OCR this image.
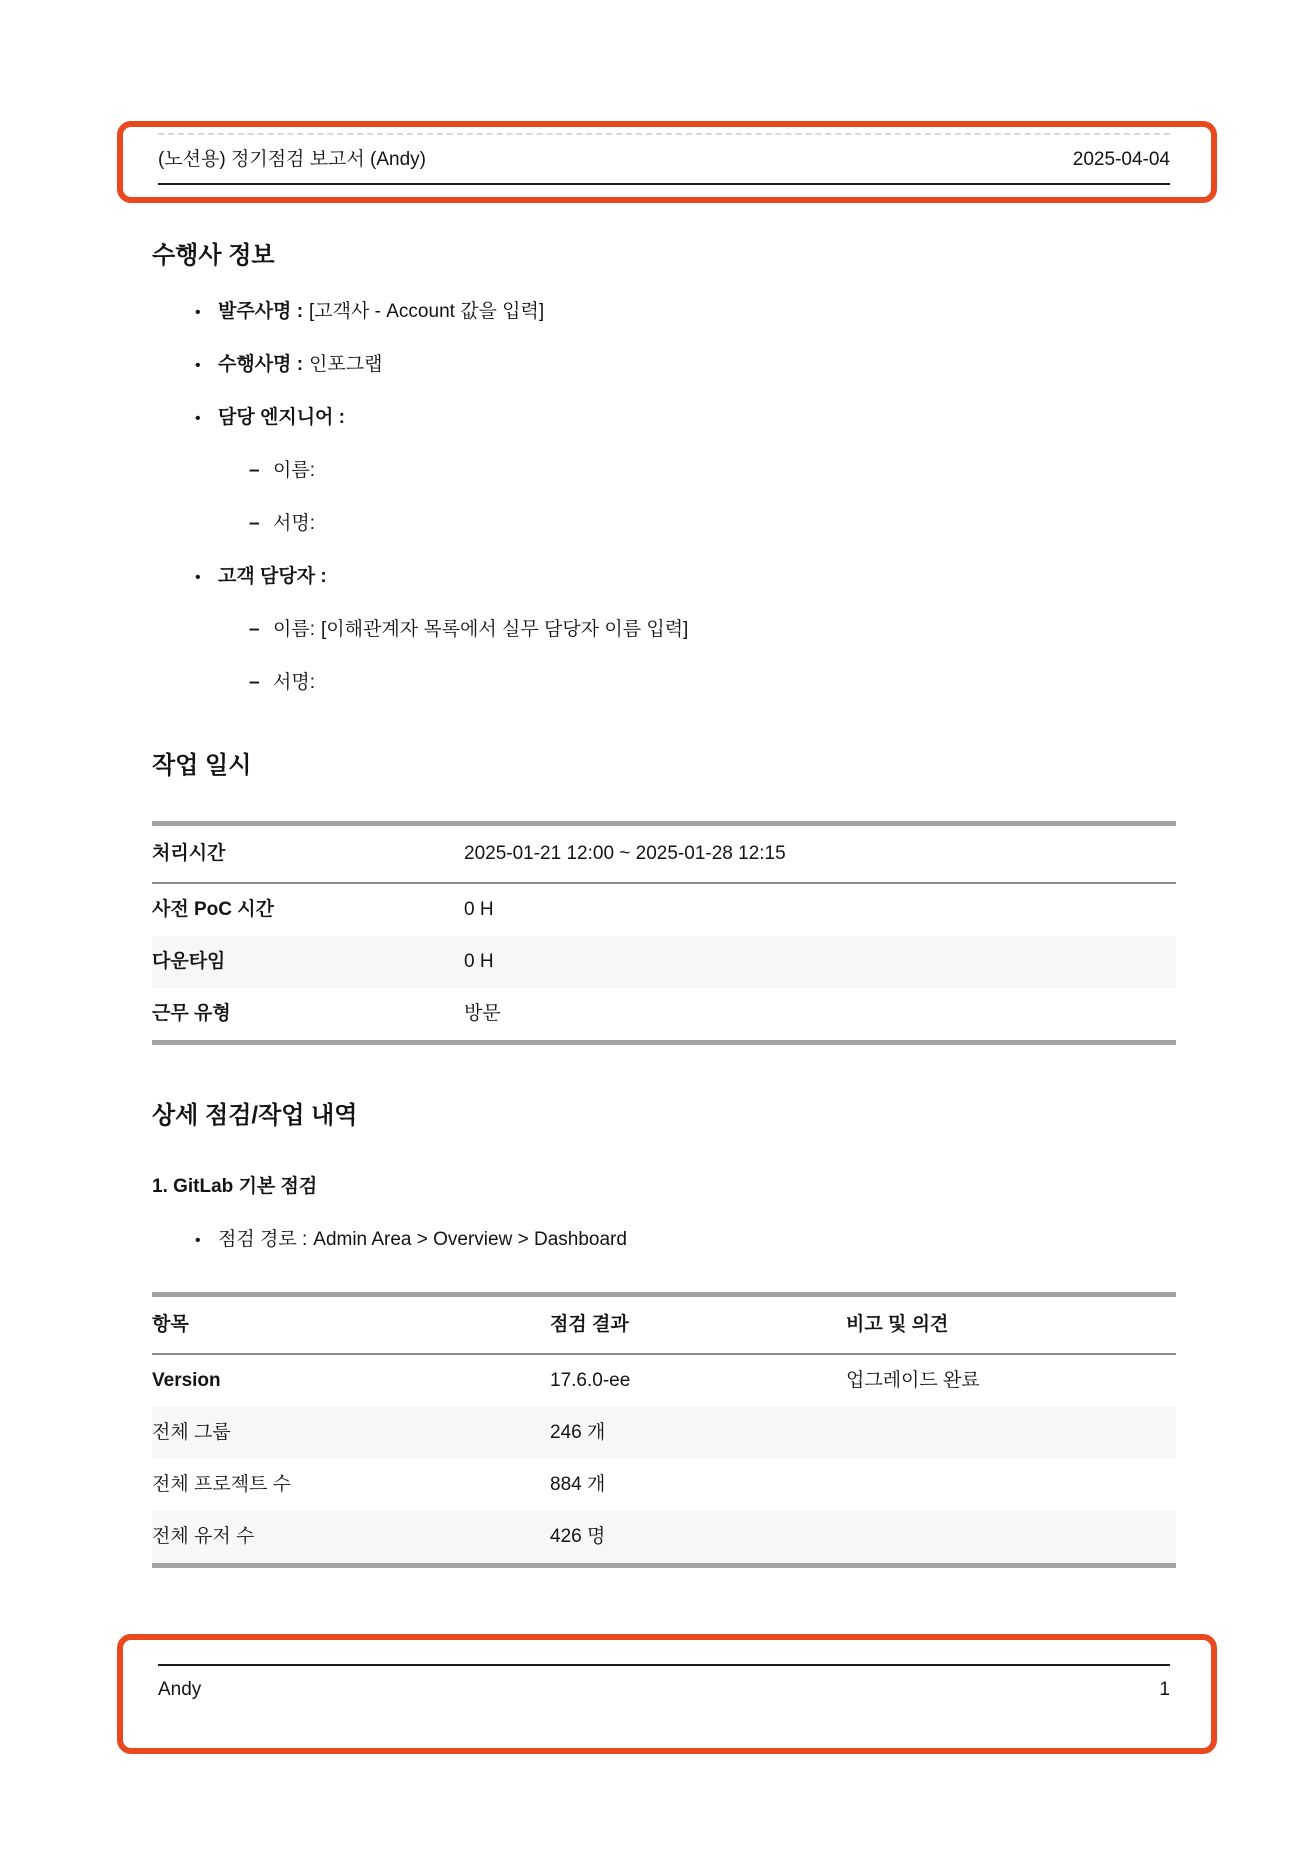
(노션용) 정기점검 보고서 (Andy)	2025-04-04
수행사 정보
• 발주사명 : [고객사 - Account 값을 입력]
• 수행사명 : 인포그랩
• 담당 엔지니어 :
– 이름:
– 서명:
• 고객 담당자 :
– 이름: [이해관계자 목록에서 실무 담당자 이름 입력]
– 서명:
작업 일시
처리시간	2025-01-21 12:00 ~ 2025-01-28 12:15
사전 PoC 시간	0 H
다운타임	0 H
근무 유형	방문
상세 점검/작업 내역
1. GitLab 기본 점검
• 점검 경로 : Admin Area > Overview > Dashboard
항목	점검 결과	비고 및 의견
Version	17.6.0-ee	업그레이드 완료
전체 그룹	246 개	
전체 프로젝트 수	884 개	
전체 유저 수	426 명	
Andy	1
